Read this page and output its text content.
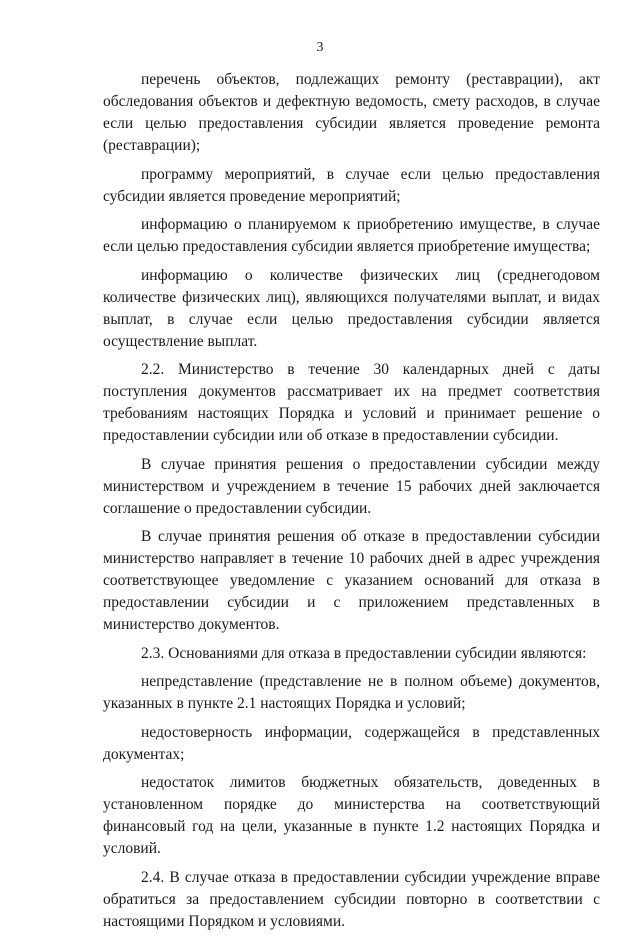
3

перечень объектов, подлежащих ремонту (реставрации), акт обследования объектов и дефектную ведомость, смету расходов, в случае если целью предоставления субсидии является проведение ремонта (реставрации);

программу мероприятий, в случае если целью предоставления субсидии является проведение мероприятий;

информацию о планируемом к приобретению имуществе, в случае если целью предоставления субсидии является приобретение имущества;

информацию о количестве физических лиц (среднегодовом количестве физических лиц), являющихся получателями выплат, и видах выплат, в случае если целью предоставления субсидии является осуществление выплат.

2.2. Министерство в течение 30 календарных дней с даты поступления документов рассматривает их на предмет соответствия требованиям настоящих Порядка и условий и принимает решение о предоставлении субсидии или об отказе в предоставлении субсидии.

В случае принятия решения о предоставлении субсидии между министерством и учреждением в течение 15 рабочих дней заключается соглашение о предоставлении субсидии.

В случае принятия решения об отказе в предоставлении субсидии министерство направляет в течение 10 рабочих дней в адрес учреждения соответствующее уведомление с указанием оснований для отказа в предоставлении субсидии и с приложением представленных в министерство документов.

2.3. Основаниями для отказа в предоставлении субсидии являются:

непредставление (представление не в полном объеме) документов, указанных в пункте 2.1 настоящих Порядка и условий;

недостоверность информации, содержащейся в представленных документах;

недостаток лимитов бюджетных обязательств, доведенных в установленном порядке до министерства на соответствующий финансовый год на цели, указанные в пункте 1.2 настоящих Порядка и условий.

2.4. В случае отказа в предоставлении субсидии учреждение вправе обратиться за предоставлением субсидии повторно в соответствии с настоящими Порядком и условиями.
